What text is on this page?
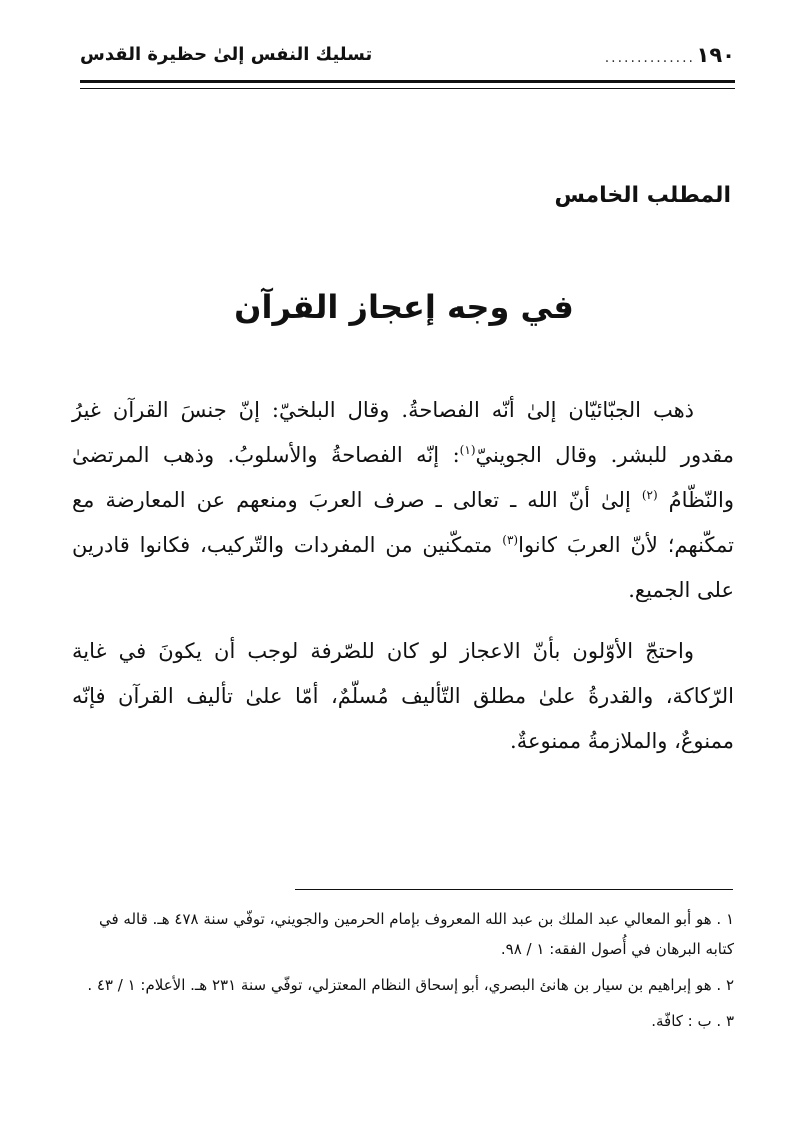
١٩٠
..............
تسليك النفس إلىٰ حظيرة القدس
المطلب الخامس
في وجه إعجاز القرآن

ذهب الجبّائيّان إلىٰ أنّه الفصاحةُ. وقال البلخيّ: إنّ جنسَ القرآن غيرُ مقدور للبشر. وقال الجوينيّ$^{(١)}$: إنّه الفصاحةُ والأسلوبُ. وذهب المرتضىٰ والنّظّامُ $^{(٢)}$ إلىٰ أنّ الله ـ تعالى ـ صرف العربَ ومنعهم عن المعارضة مع تمكّنهم؛ لأنّ العربَ كانوا$^{(٣)}$ متمكّنين من المفردات والتّركيب، فكانوا قادرين على الجميع.

واحتجّ الأوّلون بأنّ الاعجاز لو كان للصّرفة لوجب أن يكونَ في غاية الرّكاكة، والقدرةُ علىٰ مطلق التّأليف مُسلّمٌ، أمّا علىٰ تأليف القرآن فإنّه ممنوعٌ، والملازمةُ ممنوعةٌ.

١ . هو أبو المعالي عبد الملك بن عبد الله المعروف بإمام الحرمين والجويني، توفّي سنة ٤٧٨ هـ. قاله في كتابه البرهان في أُصول الفقه: ١ / ٩٨.
٢ . هو إبراهيم بن سيار بن هانئ البصري، أبو إسحاق النظام المعتزلي، توفّي سنة ٢٣١ هـ. الأعلام: ١ / ٤٣ .
٣ . ب : كافّة.
